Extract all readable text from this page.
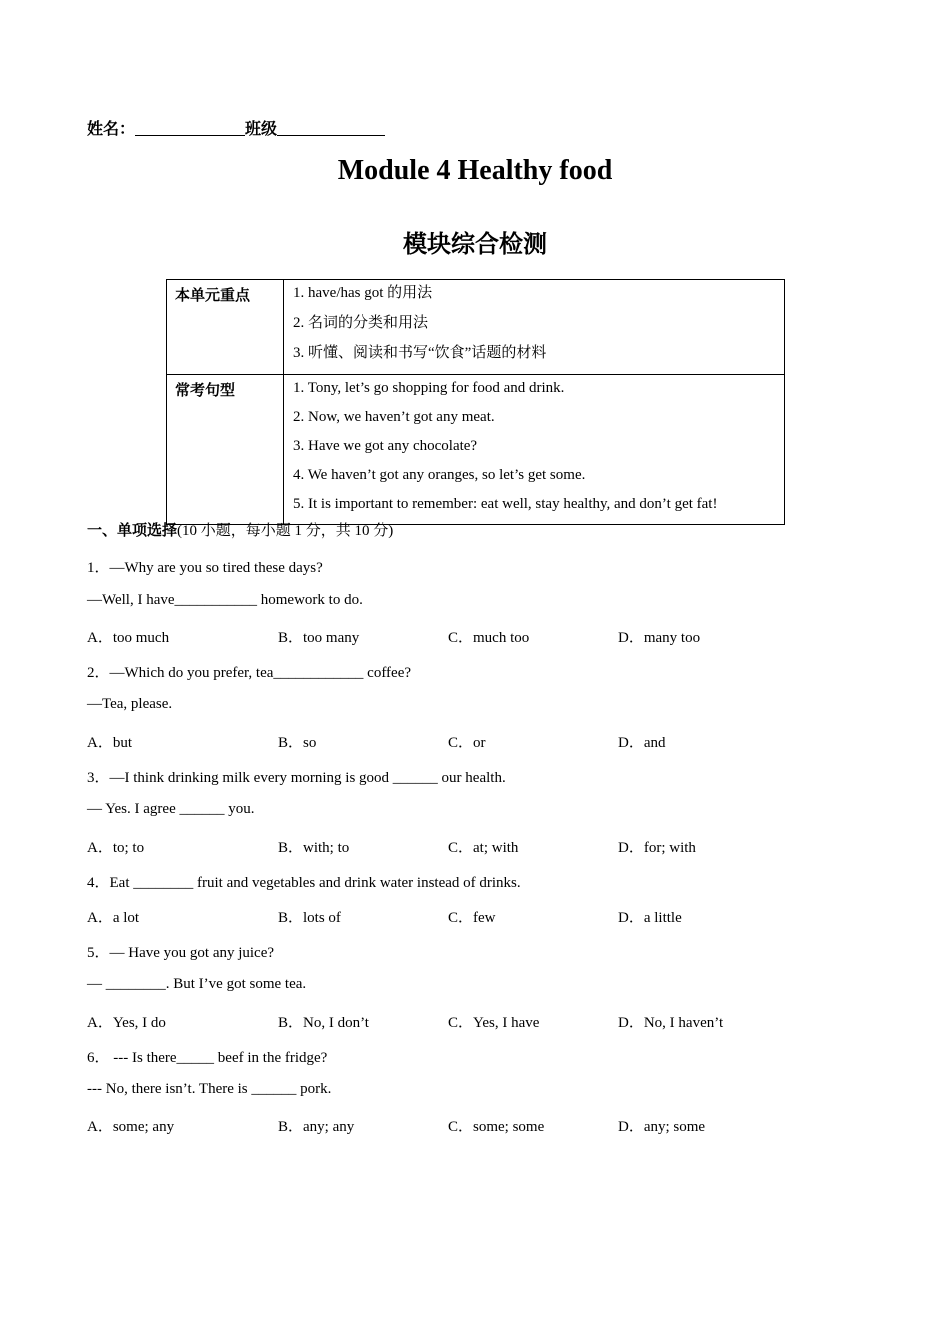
姓名：	班级
Module 4 Healthy food
模块综合检测
本单元重点	1. have/has got 的用法
2. 名词的分类和用法
3. 听懂、阅读和书写“饮食”话题的材料

常考句型	1. Tony, let’s go shopping for food and drink.
2. Now, we haven’t got any meat.
3. Have we got any chocolate?
4. We haven’t got any oranges, so let’s get some.
5. It is important to remember: eat well, stay healthy, and don’t get fat!
一、单项选择(10 小题，每小题 1 分，共 10 分)
1．—Why are you so tired these days?
—Well, I have___________ homework to do.
A．too much	B．too many	C．much too	D．many too
2．—Which do you prefer, tea____________ coffee?
—Tea, please.
A．but	B．so	C．or	D．and
3．—I think drinking milk every morning is good ______ our health.
— Yes. I agree ______ you.
A．to; to	B．with; to	C．at; with	D．for; with
4．Eat ________ fruit and vegetables and drink water instead of drinks.
A．a lot	B．lots of	C．few	D．a little
5．— Have you got any juice?
— ________. But I’ve got some tea.
A．Yes, I do	B．No, I don’t	C．Yes, I have	D．No, I haven’t
6． --- Is there_____ beef in the fridge?
--- No, there isn’t. There is ______ pork.
A．some; any	B．any; any	C．some; some	D．any; some
